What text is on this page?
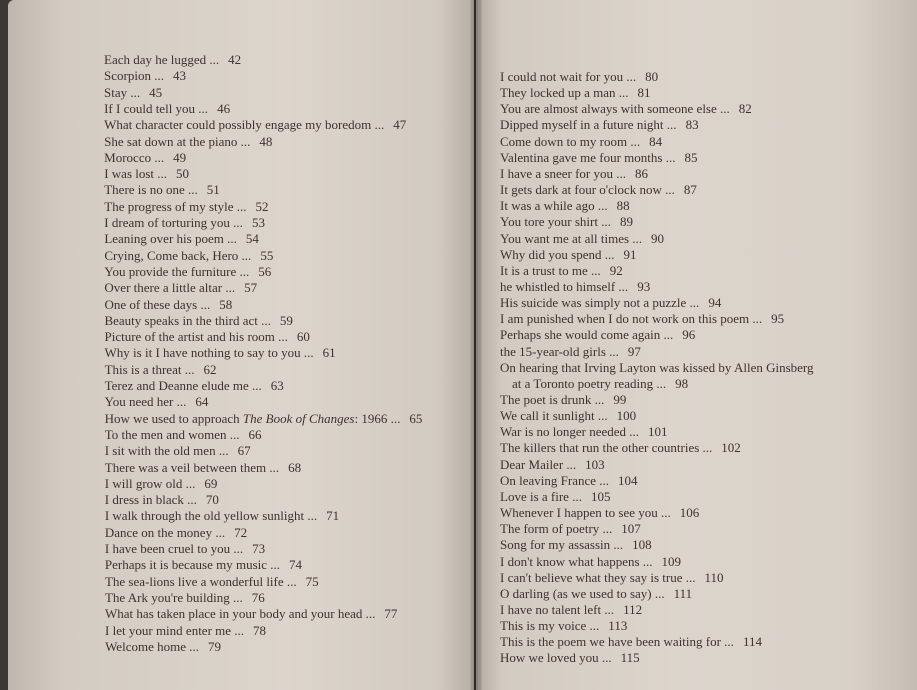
Each day he lugged ... 42
Scorpion ... 43
Stay ... 45
If I could tell you ... 46
What character could possibly engage my boredom ... 47
She sat down at the piano ... 48
Morocco ... 49
I was lost ... 50
There is no one ... 51
The progress of my style ... 52
I dream of torturing you ... 53
Leaning over his poem ... 54
Crying, Come back, Hero ... 55
You provide the furniture ... 56
Over there a little altar ... 57
One of these days ... 58
Beauty speaks in the third act ... 59
Picture of the artist and his room ... 60
Why is it I have nothing to say to you ... 61
This is a threat ... 62
Terez and Deanne elude me ... 63
You need her ... 64
How we used to approach The Book of Changes: 1966 ... 65
To the men and women ... 66
I sit with the old men ... 67
There was a veil between them ... 68
I will grow old ... 69
I dress in black ... 70
I walk through the old yellow sunlight ... 71
Dance on the money ... 72
I have been cruel to you ... 73
Perhaps it is because my music ... 74
The sea-lions live a wonderful life ... 75
The Ark you're building ... 76
What has taken place in your body and your head ... 77
I let your mind enter me ... 78
Welcome home ... 79
I could not wait for you ... 80
They locked up a man ... 81
You are almost always with someone else ... 82
Dipped myself in a future night ... 83
Come down to my room ... 84
Valentina gave me four months ... 85
I have a sneer for you ... 86
It gets dark at four o'clock now ... 87
It was a while ago ... 88
You tore your shirt ... 89
You want me at all times ... 90
Why did you spend ... 91
It is a trust to me ... 92
he whistled to himself ... 93
His suicide was simply not a puzzle ... 94
I am punished when I do not work on this poem ... 95
Perhaps she would come again ... 96
the 15-year-old girls ... 97
On hearing that Irving Layton was kissed by Allen Ginsberg
at a Toronto poetry reading ... 98
The poet is drunk ... 99
We call it sunlight ... 100
War is no longer needed ... 101
The killers that run the other countries ... 102
Dear Mailer ... 103
On leaving France ... 104
Love is a fire ... 105
Whenever I happen to see you ... 106
The form of poetry ... 107
Song for my assassin ... 108
I don't know what happens ... 109
I can't believe what they say is true ... 110
O darling (as we used to say) ... 111
I have no talent left ... 112
This is my voice ... 113
This is the poem we have been waiting for ... 114
How we loved you ... 115
